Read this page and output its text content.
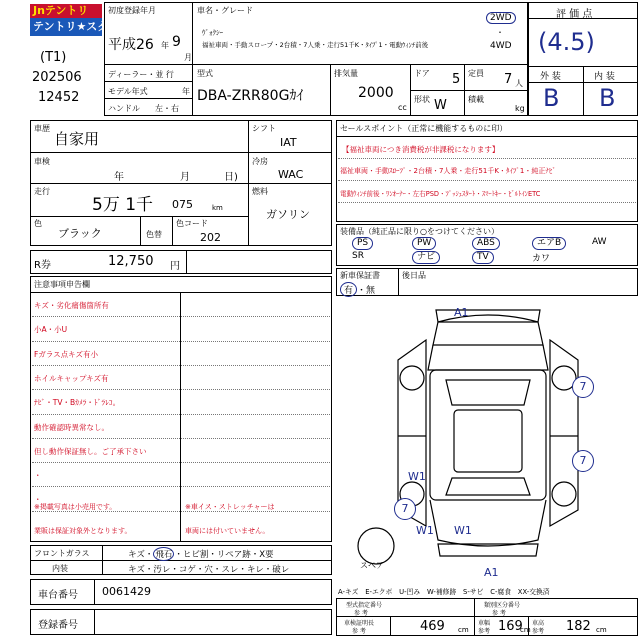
Jnテントリ
テントリ★スター
(T1)
202506
12452
初度登録年月
平成26 年 9
月
ディーラー・並 行
モデル年式	年
ハンドル 左・右
車名・グレード
ｳﾞｫｸｼｰ
福祉車両・手動スロープ・2台積・7人乗・走行51千K・ﾀｲﾌﾟ1・電動ｳｨﾝﾁ前後
2WD
・
4WD
型式
DBA-ZRR80Gｶｲ
排気量
2000
cc
ドア 5 定員 7 人
形状 W	積載
kg
評 価 点
(4.5)
外 装	内 装
B B
車歴
自家用
車検
年	月	日)
走行
5万 1千 075	km
色
ブラック	色替
色コード
202
シフト
IAT
冷房
WAC
燃料
ガソリン
R券	12,750 円
注意事項申告欄
キズ・劣化痛傷箇所有
小A・小U
Fガラス点キズ有小
ホイルキャップキズ有
ﾅﾋﾞ・TV・Bｶﾒﾗ・ﾄﾞﾗﾚｺ。
動作確認時異常なし。
但し動作保証無し。ご了承下さい
・
・
※掲載写真は小売用です。
業販は保証対象外となります。
※車イス・ストレッチャーは
車両には付いていません。
フロントガラス	キズ・ 飛石 ・ヒビ割・リペア跡・X要
内装	キズ・汚レ・コゲ・穴・スレ・キレ・破レ
車台番号 0061429
登録番号
セールスポイント（正常に機能するものに印）
【福祉車両につき消費税が非課税になります】
福祉車両・手動ｽﾛｰﾌﾟ・2台積・7人乗・走行51千K・ﾀｲﾌﾟ1・純正ﾅﾋﾞ
電動ｳｨﾝﾁ前後・ﾜﾝｵｰﾅｰ・左右PSD・ﾌﾟｯｼｭｽﾀｰﾄ・ｽﾏｰﾄｷｰ・ﾋﾞﾙﾄｲﾝETC
装備品（純正品に限り○をつけてください）
PS	PW	ABS	エアB	AW
SR	ナビ	TV	カワ
新車保証書
有 ・無
後日品
A1
7
7
W1
7
W1 W1
A1
スペア
A-キズ　E-エクボ　U-凹み　W-補修跡　S-サビ　C-腐食　XX-交換済
型式指定番号
参 考
類別区分番号
参 考
車検証明長
参 考	469 cm
車幅
参考 169
cm
車高
参考 182 cm
